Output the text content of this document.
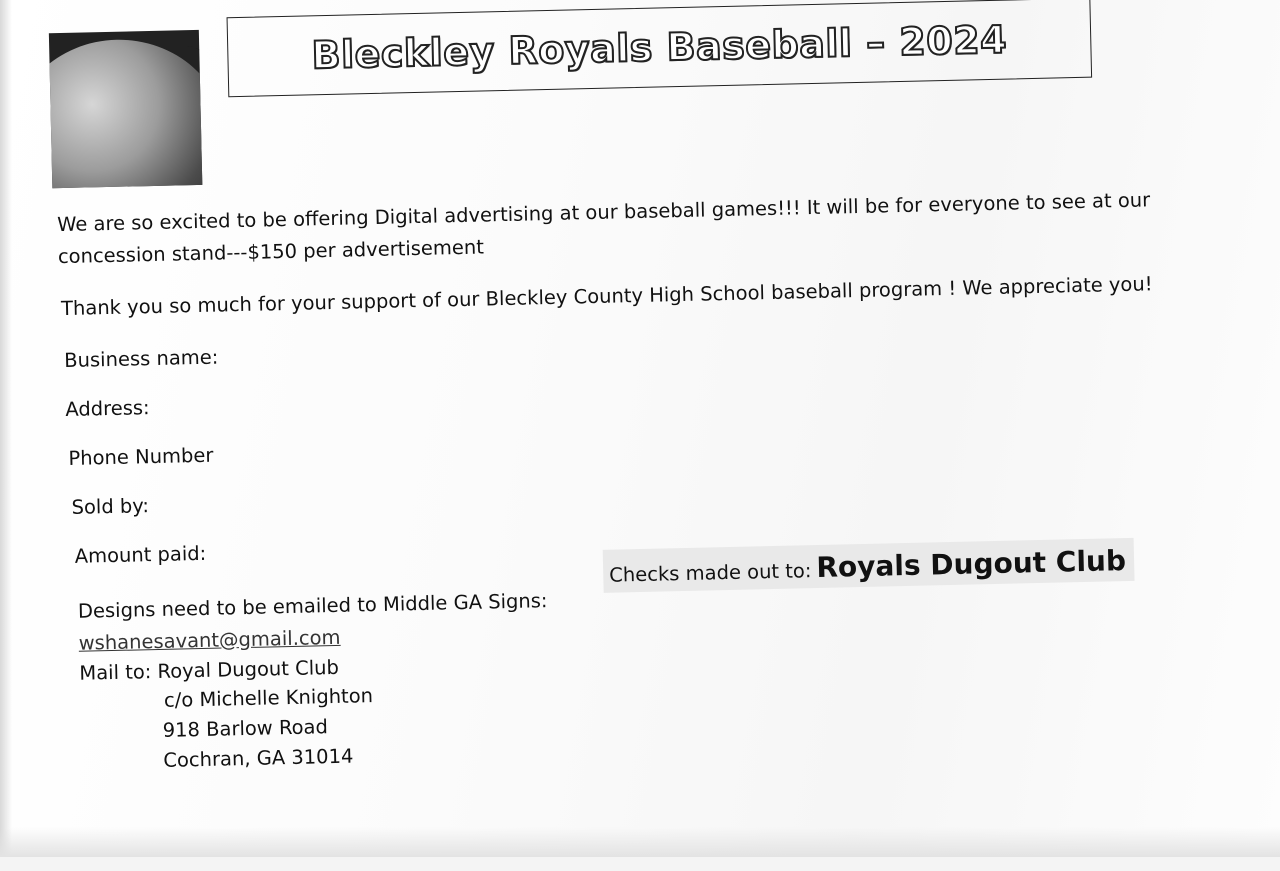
Bleckley Royals Baseball – 2024
We are so excited to be offering Digital advertising at our baseball games!!! It will be for everyone to see at our
concession stand---$150 per advertisement
Thank you so much for your support of our Bleckley County High School baseball program ! We appreciate you!
Business name:
Address:
Phone Number
Sold by:
Amount paid:
Designs need to be emailed to Middle GA Signs:
wshanesavant@gmail.com
Mail to: Royal Dugout Club
c/o Michelle Knighton
918 Barlow Road
Cochran, GA 31014
Checks made out to: Royals Dugout Club
